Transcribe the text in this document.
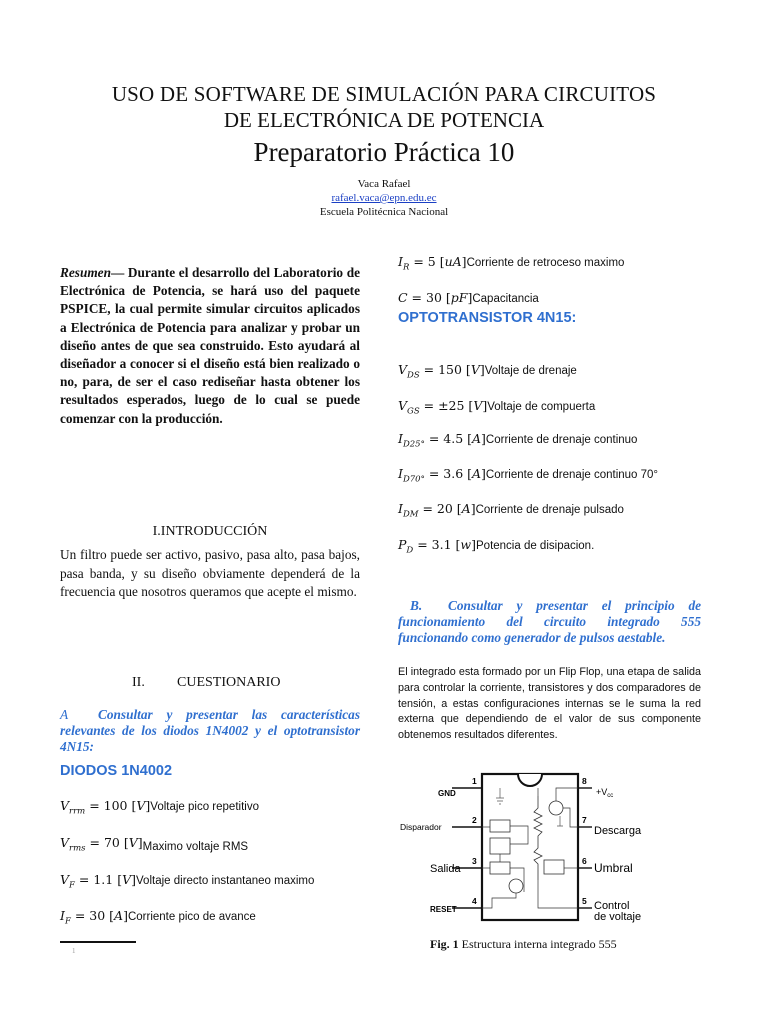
USO DE SOFTWARE DE SIMULACIÓN PARA CIRCUITOS
DE ELECTRÓNICA DE POTENCIA
Preparatorio Práctica 10
Vaca Rafael
rafael.vaca@epn.edu.ec
Escuela Politécnica Nacional
Resumen— Durante el desarrollo del Laboratorio de Electrónica de Potencia, se hará uso del paquete PSPICE, la cual permite simular circuitos aplicados a Electrónica de Potencia para analizar y probar un diseño antes de que sea construido. Esto ayudará al diseñador a conocer si el diseño está bien realizado o no, para, de ser el caso rediseñar hasta obtener los resultados esperados, luego de lo cual se puede comenzar con la producción.
I.INTRODUCCIÓN
Un filtro puede ser activo, pasivo, pasa alto, pasa bajos, pasa banda, y su diseño obviamente dependerá de la frecuencia que nosotros queramos que acepte el mismo.
II. CUESTIONARIO
A Consultar y presentar las características relevantes de los diodos 1N4002 y el optotransistor 4N15:
DIODOS 1N4002
$V_{rrm} = 100$ [V]Voltaje pico repetitivo
$V_{rms} = 70$ [V]Maximo voltaje RMS
$V_F = 1.1$ [V]Voltaje directo instantaneo maximo
$I_F = 30$ [A]Corriente pico de avance
1
$I_R = 5$ [uA]Corriente de retroceso maximo
C = 30 [pF]Capacitancia
OPTOTRANSISTOR 4N15:
$V_{DS} = 150$ [V]Voltaje de drenaje
$V_{GS} = \pm 25$ [V]Voltaje de compuerta
$I_{D25^\circ} = 4.5$ [A]Corriente de drenaje continuo
$I_{D70^\circ} = 3.6$ [A]Corriente de drenaje continuo 70°
$I_{DM} = 20$ [A]Corriente de drenaje pulsado
$P_D = 3.1$ [w]Potencia de disipacion.
B. Consultar y presentar el principio de funcionamiento del circuito integrado 555 funcionando como generador de pulsos aestable.
El integrado esta formado por un Flip Flop, una etapa de salida para controlar la corriente, transistores y dos comparadores de tensión, a estas configuraciones internas se le suma la red externa que dependiendo de el valor de sus componente obtenemos resultados diferentes.
1
2
3
4
8
7
6
5
GND
Disparador
Salida
RESET
$+V_{cc}$
Descarga
Umbral
Control
de voltaje
Fig. 1 Estructura interna integrado 555
